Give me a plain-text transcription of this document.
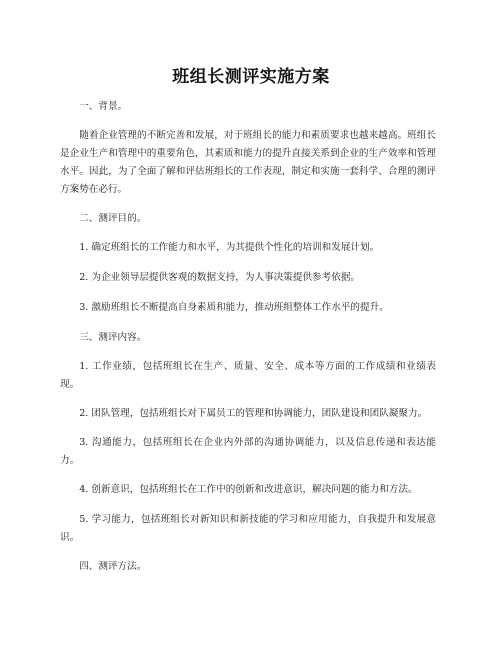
班组长测评实施方案

一、背景。

随着企业管理的不断完善和发展，对于班组长的能力和素质要求也越来越高。班组长是企业生产和管理中的重要角色，其素质和能力的提升直接关系到企业的生产效率和管理水平。因此，为了全面了解和评估班组长的工作表现，制定和实施一套科学、合理的测评方案势在必行。

二、测评目的。

1. 确定班组长的工作能力和水平，为其提供个性化的培训和发展计划。

2. 为企业领导层提供客观的数据支持，为人事决策提供参考依据。

3. 激励班组长不断提高自身素质和能力，推动班组整体工作水平的提升。

三、测评内容。

1. 工作业绩，包括班组长在生产、质量、安全、成本等方面的工作成绩和业绩表现。

2. 团队管理，包括班组长对下属员工的管理和协调能力，团队建设和团队凝聚力。

3. 沟通能力，包括班组长在企业内外部的沟通协调能力，以及信息传递和表达能力。

4. 创新意识，包括班组长在工作中的创新和改进意识，解决问题的能力和方法。

5. 学习能力，包括班组长对新知识和新技能的学习和应用能力，自我提升和发展意识。

四、测评方法。
